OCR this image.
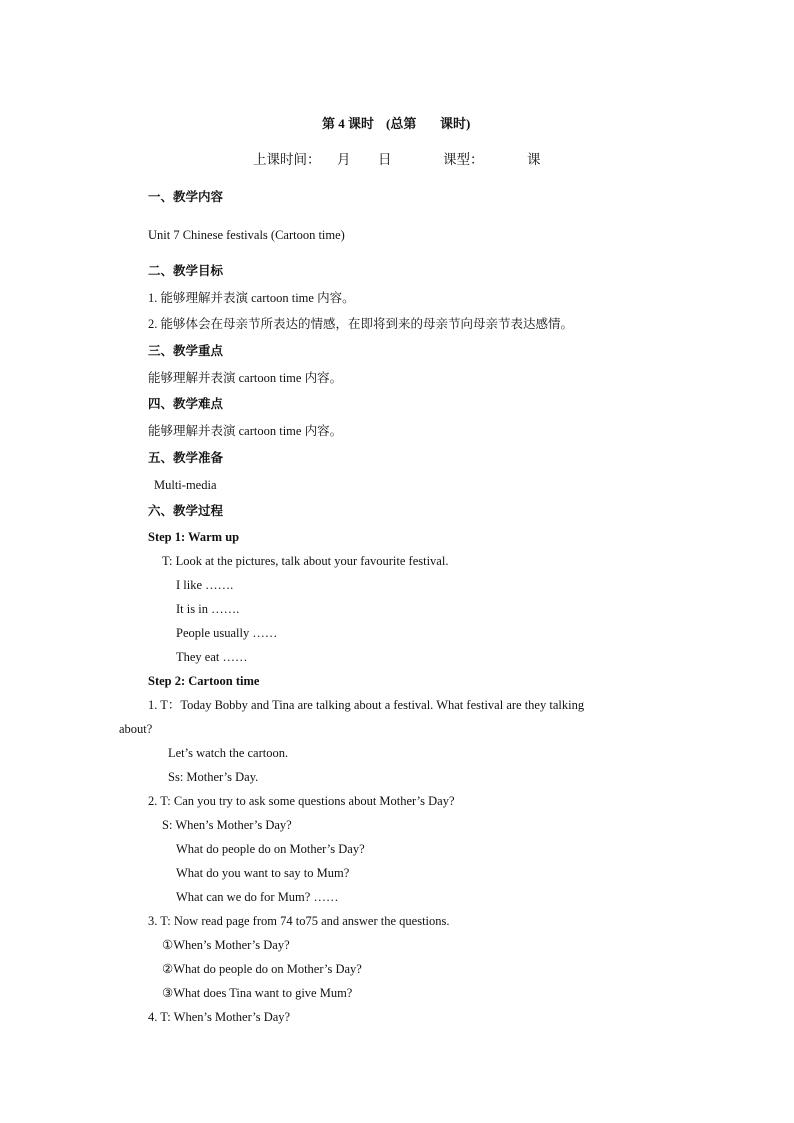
第 4 课时 (总第 课时)
上课时间： 月 日	课型：	课
一、教学内容
Unit 7 Chinese festivals (Cartoon time)
二、教学目标
1. 能够理解并表演 cartoon time 内容。
2. 能够体会在母亲节所表达的情感，在即将到来的母亲节向母亲节表达感情。
三、教学重点
能够理解并表演 cartoon time 内容。
四、教学难点
能够理解并表演 cartoon time 内容。
五、教学准备
Multi-media
六、教学过程
Step 1: Warm up
T: Look at the pictures, talk about your favourite festival.
I like …….
It is in …….
People usually ……
They eat ……
Step 2: Cartoon time
1. T：Today Bobby and Tina are talking about a festival. What festival are they talking
about?
Let’s watch the cartoon.
Ss: Mother’s Day.
2. T: Can you try to ask some questions about Mother’s Day?
S: When’s Mother’s Day?
What do people do on Mother’s Day?
What do you want to say to Mum?
What can we do for Mum? ……
3. T: Now read page from 74 to75 and answer the questions.
①When’s Mother’s Day?
②What do people do on Mother’s Day?
③What does Tina want to give Mum?
4. T: When’s Mother’s Day?
